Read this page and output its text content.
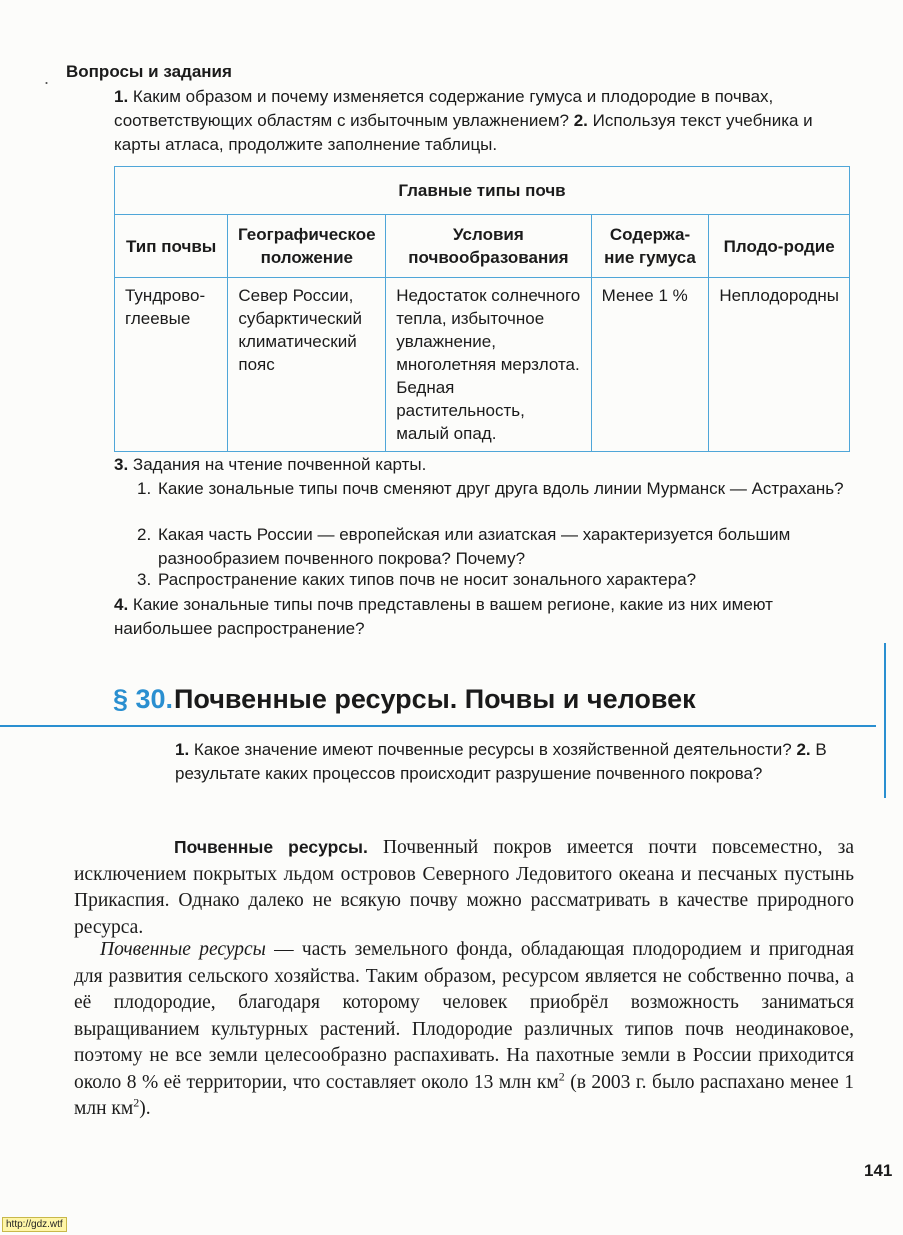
. Вопросы и задания
1. Каким образом и почему изменяется содержание гумуса и плодородие в почвах, соответствующих областям с избыточным увлажнением? 2. Используя текст учебника и карты атласа, продолжите заполнение таблицы.
Главные типы почв				
Тип почвы	Географическое положение	Условия почвообразования	Содержа-ние гумуса	Плодо-родие
Тундрово-глеевые	Север России, субарктический климатический пояс	Недостаток солнечного тепла, избыточное увлажнение, многолетняя мерзлота. Бедная растительность, малый опад.	Менее 1 %	Неплодородны
3. Задания на чтение почвенной карты.
1. Какие зональные типы почв сменяют друг друга вдоль линии Мурманск — Астрахань?
2. Какая часть России — европейская или азиатская — характеризуется большим разнообразием почвенного покрова? Почему?
3. Распространение каких типов почв не носит зонального характера?
4. Какие зональные типы почв представлены в вашем регионе, какие из них имеют наибольшее распространение?
§ 30. Почвенные ресурсы. Почвы и человек
1. Какое значение имеют почвенные ресурсы в хозяйственной деятельности? 2. В результате каких процессов происходит разрушение почвенного покрова?
Почвенные ресурсы. Почвенный покров имеется почти повсеместно, за исключением покрытых льдом островов Северного Ледовитого океана и песчаных пустынь Прикаспия. Однако далеко не всякую почву можно рассматривать в качестве природного ресурса.
Почвенные ресурсы — часть земельного фонда, обладающая плодородием и пригодная для развития сельского хозяйства. Таким образом, ресурсом является не собственно почва, а её плодородие, благодаря которому человек приобрёл возможность заниматься выращиванием культурных растений. Плодородие различных типов почв неодинаковое, поэтому не все земли целесообразно распахивать. На пахотные земли в России приходится около 8 % её территории, что составляет около 13 млн $км^2$ (в 2003 г. было распахано менее 1 млн $км^2$).
141
http://gdz.wtf
